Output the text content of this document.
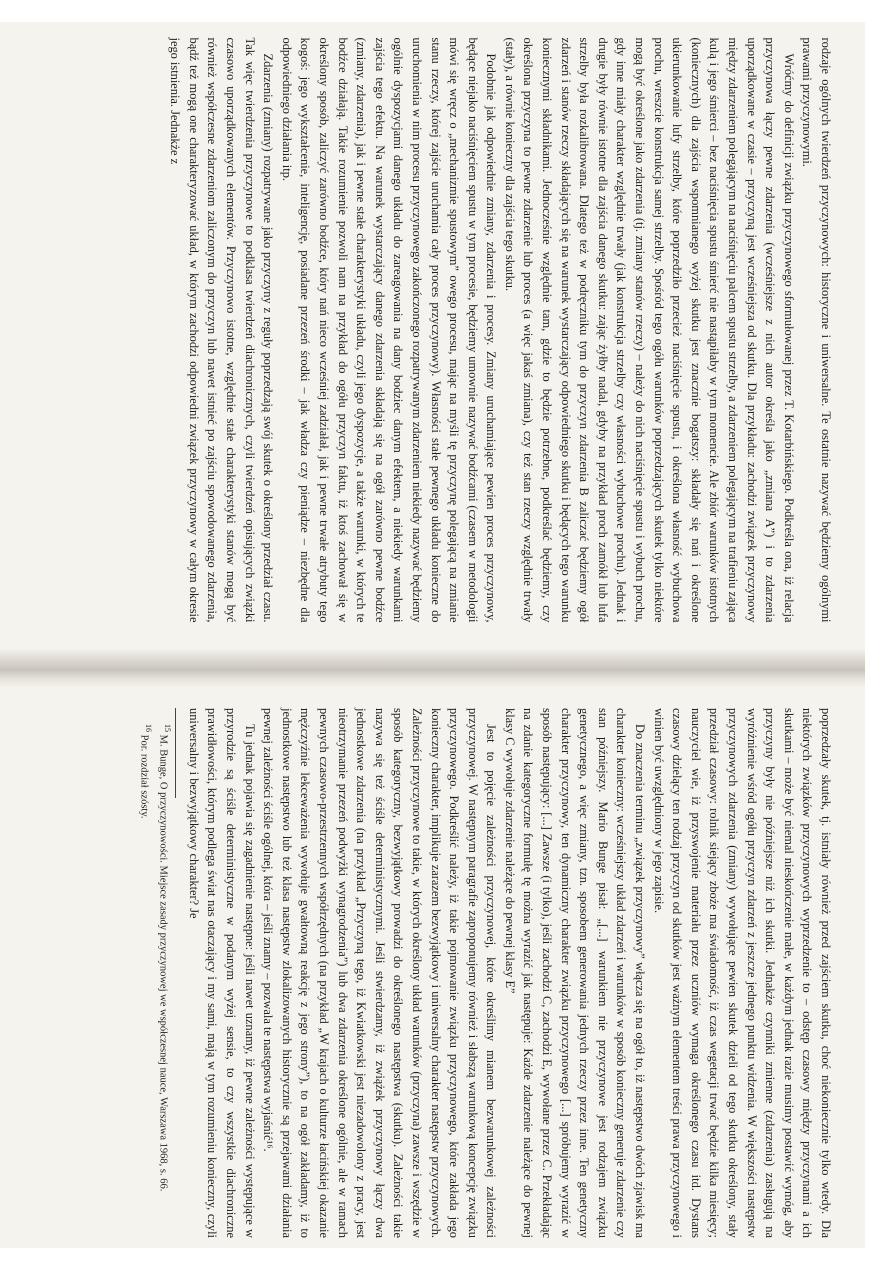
rodzaje ogólnych twierdzeń przyczynowych: historyczne i uniwersalne. Te ostatnie nazywać będziemy ogólnymi prawami przyczynowymi.

Wróćmy do definicji związku przyczynowego sformułowanej przez T. Kotarbińskiego. Podkreśla ona, iż relacja przyczynowa łączy pewne zdarzenia (wcześniejsze z nich autor określa jako „zmiana A”) i to zdarzenia uporządkowane w czasie – przyczyną jest wcześniejsza od skutku. Dla przykładu: zachodzi związek przyczynowy między zdarzeniem polegającym na naciśnięciu palcem spustu strzelby, a zdarzeniem polegającym na trafieniu zająca kulą i jego śmierci – bez naciśnięcia spustu śmierć nie nastąpiłaby w tym momencie. Ale zbiór warunków istotnych (koniecznych) dla zajścia wspomnianego wyżej skutku jest znacznie bogatszy: składały się nań i określone ukierunkowanie lufy strzelby, które poprzedziło przecież naciśnięcie spustu, i określona własność wybuchowa prochu, wreszcie konstrukcja samej strzelby. Spośród tego ogółu warunków poprzedzających skutek tylko niektóre mogą być określone jako zdarzenia (tj. zmiany stanów rzeczy) – należy do nich naciśnięcie spustu i wybuch prochu, gdy inne miały charakter względnie trwały (jak konstrukcja strzelby czy własności wybuchowe prochu). Jednak i drugie były równie istotne dla zajścia danego skutku: zając żyłby nadal, gdyby na przykład proch zamókł lub lufa strzelby była rozkalibrowana. Dlatego też w podręczniku tym do przyczyn zdarzenia B zaliczać będziemy ogół zdarzeń i stanów rzeczy składających się na warunek wystarczający odpowiedniego skutku i będących tego warunku koniecznymi składnikami. Jednocześnie względnie tam, gdzie to będzie potrzebne, podkreślać będziemy, czy określona przyczyna to pewne zdarzenie lub proces (a więc jakaś zmiana), czy też stan rzeczy względnie trwały (stały), a równie konieczny dla zajścia tego skutku.

Podobnie jak odpowiednie zmiany, zdarzenia i procesy. Zmiany uruchamiające pewien proces przyczynowy, będące niejako naciśnięciem spustu w tym procesie, będziemy umownie nazywać bodźcami (czasem w metodologii mówi się wręcz o „mechanizmie spustowym” owego procesu, mając na myśli tę przyczynę polegającą na zmianie stanu rzeczy, której zajście uruchamia cały proces przyczynowy). Własności stałe pewnego układu konieczne do uruchomienia w nim procesu przyczynowego zakończonego rozpatrywanym zdarzeniem niekiedy nazywać będziemy ogólnie dyspozycjami danego układu do zareagowania na dany bodziec danym efektem, a niekiedy warunkami zajścia tego efektu. Na warunek wystarczający danego zdarzenia składają się na ogół zarówno pewne bodźce (zmiany, zdarzenia), jak i pewne stałe charakterystyki układu, czyli jego dyspozycje, a także warunki, w których te bodźce działają. Takie rozumienie pozwoli nam na przykład do ogółu przyczyn faktu, iż ktoś zachował się w określony sposób, zaliczyć zarówno bodźce, który nań nieco wcześniej zadziałał, jak i pewne trwałe atrybuty tego kogoś: jego wykształcenie, inteligencję, posiadane przezeń środki – jak władza czy pieniądze – niezbędne dla odpowiedniego działania itp.

Zdarzenia (zmiany) rozpatrywane jako przyczyny z reguły poprzedzają swój skutek o określony przedział czasu. Tak więc twierdzenia przyczynowe to podklasa twierdzeń diachronicznych, czyli twierdzeń opisujących związki czasowo uporządkowanych elementów. Przyczynowo istotne, względnie stałe charakterystyki stanów mogą być również współczesne zdarzeniom zaliczonym do przyczyn lub nawet istnieć po zajściu spowodowanego zdarzenia, bądź też mogą one charakteryzować układ, w którym zachodzi odpowiedni związek przyczynowy w całym okresie jego istnienia. Jednakże z

poprzedzały skutek, tj. istniały również przed zajściem skutku, choć niekoniecznie tylko wtedy. Dla niektórych związków przyczynowych wyprzedzenie to – odstęp czasowy między przyczynami a ich skutkami – może być niemal nieskończenie małe, w każdym jednak razie musimy postawić wymóg, aby przyczyny były nie późniejsze niż ich skutki. Jednakże czynniki zmienne (zdarzenia) zasługują na wyróżnienie wśród ogółu przyczyn zdarzeń z jeszcze jednego punktu widzenia. W większości następstw przyczynowych zdarzenia (zmiany) wywołujące pewien skutek dzieli od tego skutku określony, stały przedział czasowy: rolnik siejący zboże ma świadomość, iż czas wegetacji trwać będzie kilka miesięcy; nauczyciel wie, iż przyswojenie materiału przez uczniów wymaga określonego czasu itd. Dystans czasowy dzielący ten rodzaj przyczyn od skutków jest ważnym elementem treści prawa przyczynowego i winien być uwzględniony w jego zapisie.

Do znaczenia terminu „związek przyczynowy” włącza się na ogół to, iż następstwo dwóch zjawisk ma charakter konieczny: wcześniejszy układ zdarzeń i warunków w sposób konieczny generuje zdarzenie czy stan późniejszy. Mario Bunge pisał: „[...] warunkiem nie przyczynowe jest rodzajem związku genetycznego, a więc zmiany, tzn. sposobem generowania jednych rzeczy przez inne. Ten genetyczny charakter przyczynowy, ten dynamiczny charakter związku przyczynowego [...] spróbujemy wyrazić w sposób następujący: [...] Zawsze (i tylko), jeśli zachodzi C, zachodzi E, wywołane przez C. Przekładając na zdanie kategoryczne formułę tę można wyrazić jak następuje: Każde zdarzenie należące do pewnej klasy C wywołuje zdarzenie należące do pewnej klasy E”

Jest to pojęcie zależności przyczynowej, które określimy mianem bezwarunkowej zależności przyczynowej. W następnym paragrafie zaproponujemy również i słabszą warunkową koncepcję związku przyczynowego. Podkreślić należy, iż takie pojmowanie związku przyczynowego, które zakłada jego konieczny charakter, implikuje zarazem bezwyjątkowy i uniwersalny charakter następstw przyczynowych. Zależności przyczynowe to takie, w których określony układ warunków (przyczyna) zawsze i wszędzie w sposób kategoryczny, bezwyjątkowy prowadzi do określonego następstwa (skutku). Zależności takie nazywa się też ściśle deterministycznymi. Jeśli stwierdzamy, iż zwiążek przyczynowy łączy dwa jednostkowe zdarzenia (na przykład „Przyczyną tego, iż Kwiatkowski jest niezadowolony z pracy, jest nieotrzymanie przezeń podwyżki wynagrodzenia”) lub dwa zdarzenia określone ogólnie, ale w ramach pewnych czasowo-przestrzennych współrzędnych (na przykład „W krajach o kulturze łacińskiej okazanie mężczyźnie lekceważenia wywołuje gwałtowną reakcję z jego strony”), to na ogół zakładamy, iż to jednostkowe następstwo lub też klasa następstw zlokalizowanych historycznie są przejawami działania pewnej zależności ściśle ogólnej, która – jeśli znamy – pozwala te następstwa wyjaśnić¹⁶.

Tu jednak pojawia się zagadnienie następne: jeśli nawet uznamy, iż pewne zależności występujące w przyrodzie są ściśle deterministyczne w podanym wyżej sensie, to czy wszystkie diachroniczne prawidłowości, którym podlega świat nas otaczający i my sami, mają w tym rozumieniu konieczny, czyli uniwersalny i bezwyjątkowy charakter? Je

$^{15}$ M. Bunge, O przyczynowości. Miejsce zasady przyczynowej we współczesnej nauce, Warszawa 1968, s. 66.

$^{16}$ Por. rozdział szósty.
